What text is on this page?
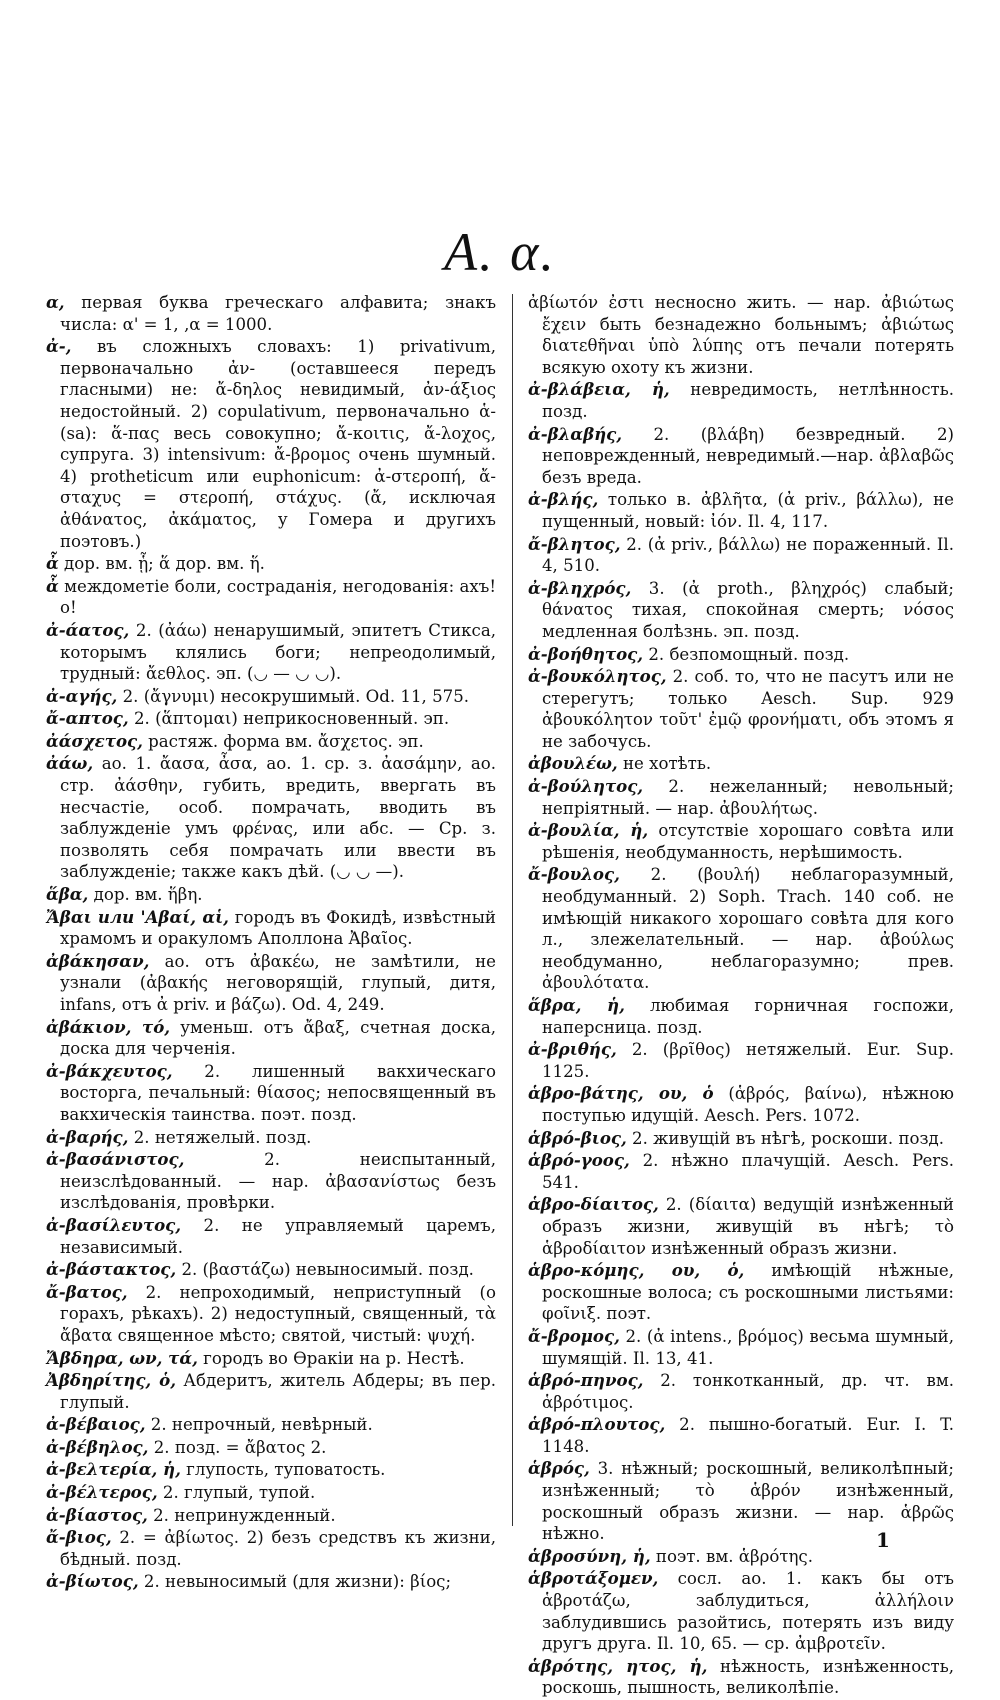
A. α.
α, первая буква греческаго алфавита; знакъ числа: α' = 1, ‚α = 1000.
ἀ-, въ сложныхъ словахъ: 1) privativum, первоначально ἀν- (оставшееся передъ гласными) не: ἄ-δηλος невидимый, ἀν-άξιος недостойный. 2) copulativum, первоначально ἁ- (sa): ἅ-πας весь совокупно; ἄ-κοιτις, ἄ-λοχος, супруга. 3) intensivum: ἄ-βρομος очень шумный. 4) protheticum или euphonicum: ἀ-στεροπή, ἄ-σταχυς = στεροπή, στάχυς. (ἄ, исключая ἀθάνατος, ἀκάματος, у Гомера и другихъ поэтовъ.)
ἆ дор. вм. ᾗ; ἅ дор. вм. ἥ.
ἆ междометіе боли, состраданія, негодованія: ахъ! о!
ἀ-άατος, 2. (ἀάω) ненарушимый, эпитетъ Стикса, которымъ клялись боги; непреодолимый, трудный: ἄεθλος. эп. (◡ — ◡ ◡).
ἀ-αγής, 2. (ἄγνυμι) несокрушимый. Od. 11, 575.
ἄ-απτος, 2. (ἅπτομαι) неприкосновенный. эп.
ἀάσχετος, растяж. форма вм. ἄσχετος. эп.
ἀάω, ао. 1. ἄασα, ἆσα, ао. 1. ср. з. ἀασάμην, ао. стр. ἀάσθην, губить, вредить, ввергать въ несчастіе, особ. помрачать, вводить въ заблужденіе умъ φρένας, или абс. — Ср. з. позволять себя помрачать или ввести въ заблужденіе; также какъ дѣй. (◡ ◡ —).
ἅβα, дор. вм. ἥβη.
Ἄβαι или 'Αβαί, αἱ, городъ въ Фокидѣ, извѣстный храмомъ и оракуломъ Аполлона Ἀβαῖος.
ἀβάκησαν, ао. отъ ἀβακέω, не замѣтили, не узнали (ἀβακής неговорящій, глупый, дитя, infans, отъ ἀ priv. и βάζω). Od. 4, 249.
ἀβάκιον, τό, уменьш. отъ ἄβαξ, счетная доска, доска для черченія.
ἀ-βάκχευτος, 2. лишенный вакхическаго восторга, печальный: θίασος; непосвященный въ вакхическія таинства. поэт. позд.
ἀ-βαρής, 2. нетяжелый. позд.
ἀ-βασάνιστος, 2. неиспытанный, неизслѣдованный. — нар. ἀβασανίστως безъ изслѣдованія, провѣрки.
ἀ-βασίλευτος, 2. не управляемый царемъ, независимый.
ἀ-βάστακτος, 2. (βαστάζω) невыносимый. позд.
ἄ-βατος, 2. непроходимый, неприступный (о горахъ, рѣкахъ). 2) недоступный, священный, τὰ ἄβατα священное мѣсто; святой, чистый: ψυχή.
Ἄβδηρα, ων, τά, городъ во Ѳракіи на р. Нестѣ.
Ἀβδηρίτης, ὁ, Абдеритъ, житель Абдеры; въ пер. глупый.
ἀ-βέβαιος, 2. непрочный, невѣрный.
ἀ-βέβηλος, 2. позд. = ἄβατος 2.
ἀ-βελτερία, ἡ, глупость, туповатость.
ἀ-βέλτερος, 2. глупый, тупой.
ἀ-βίαστος, 2. непринужденный.
ἄ-βιος, 2. = ἀβίωτος. 2) безъ средствъ къ жизни, бѣдный. позд.
ἀ-βίωτος, 2. невыносимый (для жизни): βίος;
ἀβίωτόν ἐστι несносно жить. — нар. ἀβιώτως ἔχειν быть безнадежно больнымъ; ἀβιώτως διατεθῆναι ὑπὸ λύπης отъ печали потерять всякую охоту къ жизни.
ἀ-βλάβεια, ἡ, невредимость, нетлѣнность. позд.
ἀ-βλαβής, 2. (βλάβη) безвредный. 2) неповрежденный, невредимый.—нар. ἀβλαβῶς безъ вреда.
ἀ-βλής, только в. ἀβλῆτα, (ἀ priv., βάλλω), не пущенный, новый: ἰόν. Il. 4, 117.
ἄ-βλητος, 2. (ἀ priv., βάλλω) не пораженный. Il. 4, 510.
ἀ-βληχρός, 3. (ἀ proth., βληχρός) слабый; θάνατος тихая, спокойная смерть; νόσος медленная болѣзнь. эп. позд.
ἀ-βοήθητος, 2. безпомощный. позд.
ἀ-βουκόλητος, 2. соб. то, что не пасутъ или не стерегутъ; только Aesch. Sup. 929 ἀβουκόλητον τοῦτ' ἐμῷ φρονήματι, объ этомъ я не забочусь.
ἀβουλέω, не хотѣть.
ἀ-βούλητος, 2. нежеланный; невольный; непріятный. — нар. ἀβουλήτως.
ἀ-βουλία, ἡ, отсутствіе хорошаго совѣта или рѣшенія, необдуманность, нерѣшимость.
ἄ-βουλος, 2. (βουλή) неблагоразумный, необдуманный. 2) Soph. Trach. 140 соб. не имѣющій никакого хорошаго совѣта для кого л., злежелательный. — нар. ἀβούλως необдуманно, неблагоразумно; прев. ἀβουλότατα.
ἅβρα, ἡ, любимая горничная госпожи, наперсница. позд.
ἀ-βριθής, 2. (βρῖθος) нетяжелый. Eur. Sup. 1125.
ἁβρο-βάτης, ου, ὁ (ἁβρός, βαίνω), нѣжною поступью идущій. Aesch. Pers. 1072.
ἁβρό-βιος, 2. живущій въ нѣгѣ, роскоши. позд.
ἁβρό-γοος, 2. нѣжно плачущій. Aesch. Pers. 541.
ἁβρο-δίαιτος, 2. (δίαιτα) ведущій изнѣженный образъ жизни, живущій въ нѣгѣ; τὸ ἁβροδίαιτον изнѣженный образъ жизни.
ἁβρο-κόμης, ου, ὁ, имѣющій нѣжные, роскошные волоса; съ роскошными листьями: φοῖνιξ. поэт.
ἄ-βρομος, 2. (ἀ intens., βρόμος) весьма шумный, шумящій. Il. 13, 41.
ἁβρό-πηνος, 2. тонкотканный, др. чт. вм. ἁβρότιμος.
ἁβρό-πλουτος, 2. пышно-богатый. Eur. I. T. 1148.
ἁβρός, 3. нѣжный; роскошный, великолѣпный; изнѣженный; τὸ ἁβρόν изнѣженный, роскошный образъ жизни. — нар. ἁβρῶς нѣжно.
ἁβροσύνη, ἡ, поэт. вм. ἁβρότης.
ἁβροτάξομεν, сосл. ао. 1. какъ бы отъ ἁβροτάζω, заблудиться, ἀλλήλοιν заблудившись разойтись, потерять изъ виду другъ друга. Il. 10, 65. — ср. ἀμβροτεῖν.
ἁβρότης, ητος, ἡ, нѣжность, изнѣженность, роскошь, пышность, великолѣпіе.
1
